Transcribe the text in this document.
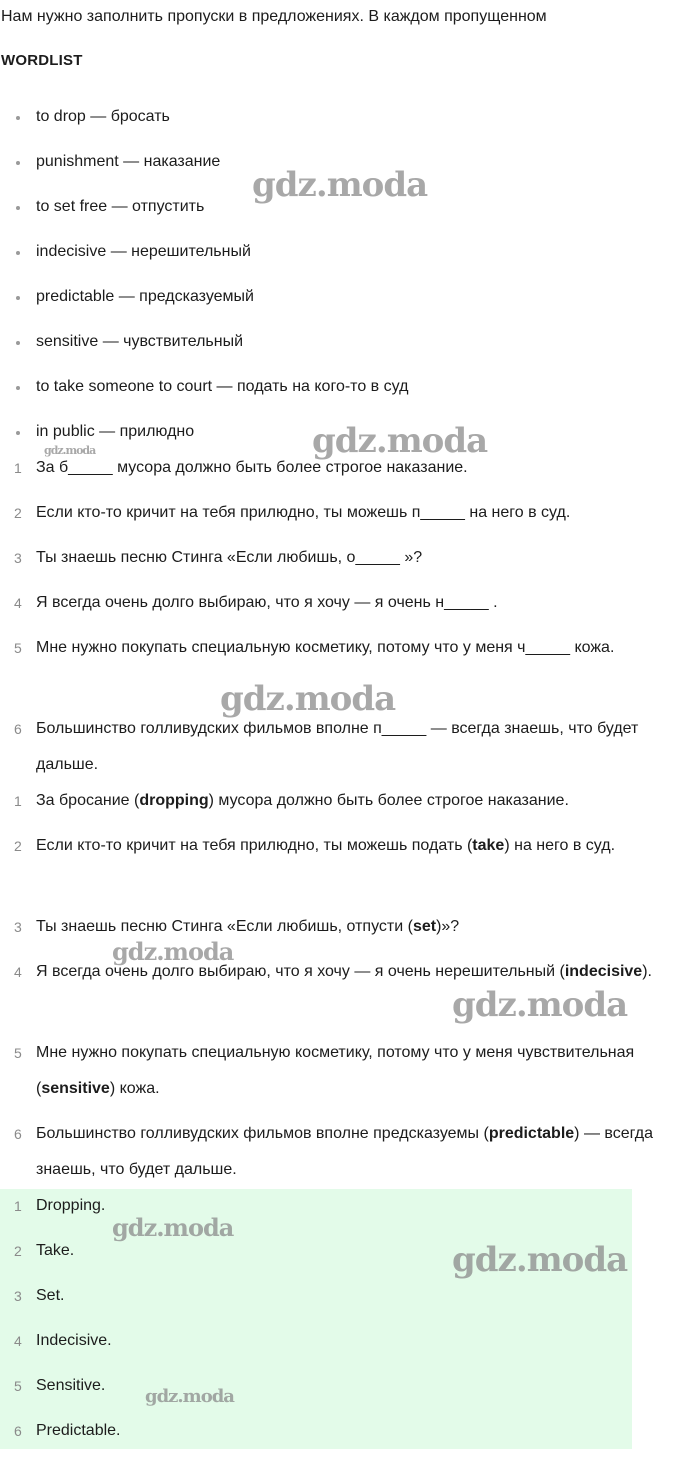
Нам нужно заполнить пропуски в предложениях. В каждом пропущенном
WORDLIST
to drop — бросать
punishment — наказание
to set free — отпустить
indecisive — нерешительный
predictable — предсказуемый
sensitive — чувствительный
to take someone to court — подать на кого-то в суд
in public — прилюдно
1 За б_____ мусора должно быть более строгое наказание.
2 Если кто-то кричит на тебя прилюдно, ты можешь п_____ на него в суд.
3 Ты знаешь песню Стинга «Если любишь, о_____ »?
4 Я всегда очень долго выбираю, что я хочу — я очень н_____ .
5 Мне нужно покупать специальную косметику, потому что у меня ч_____ кожа.
6 Большинство голливудских фильмов вполне п_____ — всегда знаешь, что будет дальше.
1 За бросание (dropping) мусора должно быть более строгое наказание.
2 Если кто-то кричит на тебя прилюдно, ты можешь подать (take) на него в суд.
3 Ты знаешь песню Стинга «Если любишь, отпусти (set)»?
4 Я всегда очень долго выбираю, что я хочу — я очень нерешительный (indecisive).
5 Мне нужно покупать специальную косметику, потому что у меня чувствительная (sensitive) кожа.
6 Большинство голливудских фильмов вполне предсказуемы (predictable) — всегда знаешь, что будет дальше.
1 Dropping.
2 Take.
3 Set.
4 Indecisive.
5 Sensitive.
6 Predictable.
gdz.moda
gdz.moda
gdz.moda
gdz.moda
gdz.moda
gdz.moda
gdz.moda
gdz.moda
gdz.moda
